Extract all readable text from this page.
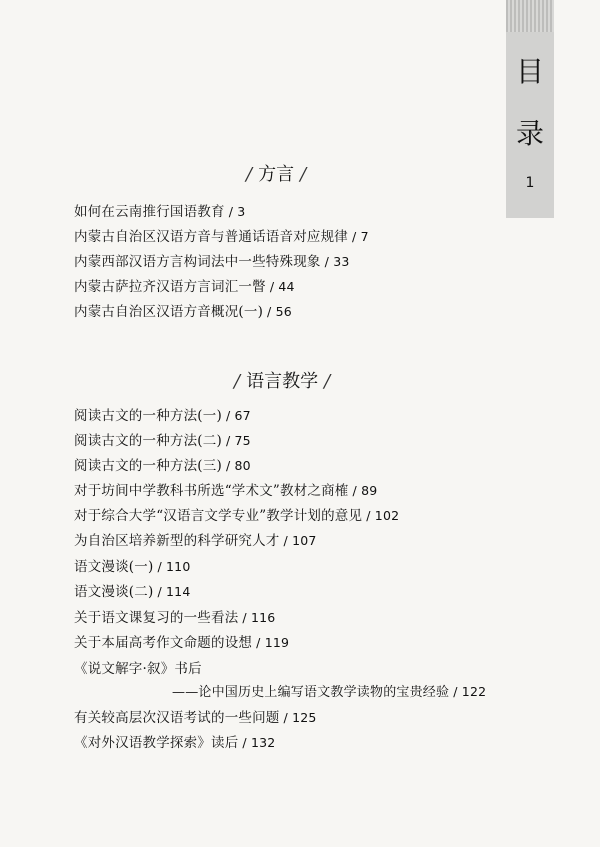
目
录
1
/ 方言 /
如何在云南推行国语教育 / 3
内蒙古自治区汉语方音与普通话语音对应规律 / 7
内蒙西部汉语方言构词法中一些特殊现象 / 33
内蒙古萨拉齐汉语方言词汇一瞥 / 44
内蒙古自治区汉语方音概况(一) / 56
/ 语言教学 /
阅读古文的一种方法(一) / 67
阅读古文的一种方法(二) / 75
阅读古文的一种方法(三) / 80
对于坊间中学教科书所选“学术文”教材之商榷 / 89
对于综合大学“汉语言文学专业”教学计划的意见 / 102
为自治区培养新型的科学研究人才 / 107
语文漫谈(一) / 110
语文漫谈(二) / 114
关于语文课复习的一些看法 / 116
关于本届高考作文命题的设想 / 119
《说文解字·叙》书后
——论中国历史上编写语文教学读物的宝贵经验 / 122
有关较高层次汉语考试的一些问题 / 125
《对外汉语教学探索》读后 / 132
